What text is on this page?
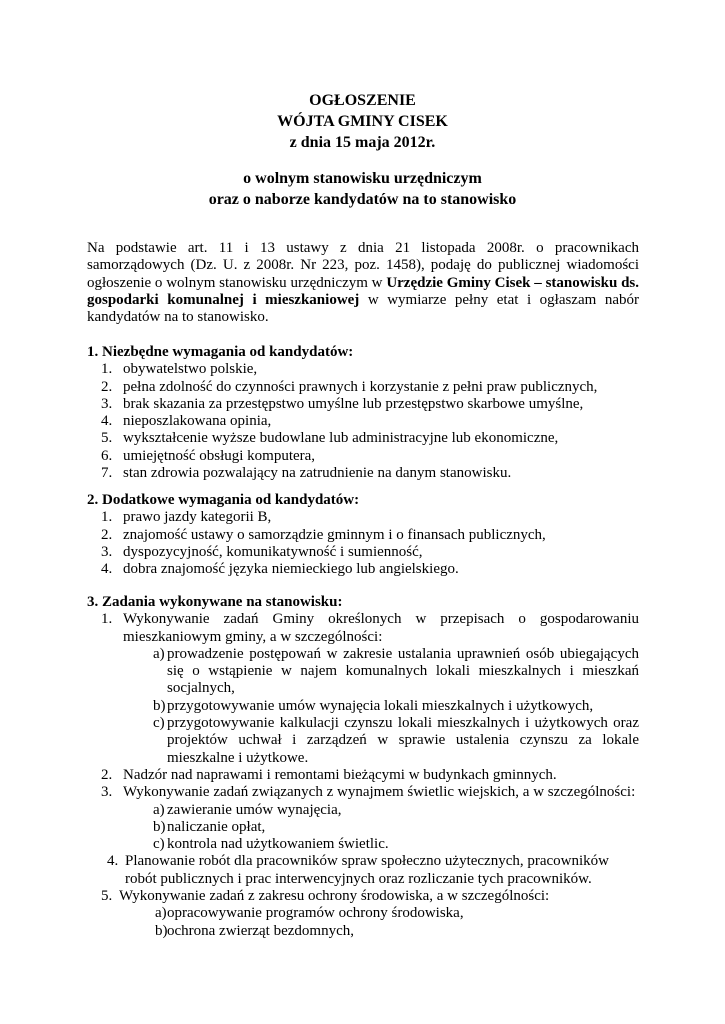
OGŁOSZENIE
WÓJTA GMINY CISEK
z dnia 15 maja 2012r.
o wolnym stanowisku urzędniczym
oraz o naborze kandydatów na to stanowisko
Na podstawie art. 11 i 13 ustawy z dnia 21 listopada 2008r. o pracownikach samorządowych (Dz. U. z 2008r. Nr 223, poz. 1458), podaję do publicznej wiadomości ogłoszenie o wolnym stanowisku urzędniczym w Urzędzie Gminy Cisek – stanowisku ds. gospodarki komunalnej i mieszkaniowej w wymiarze pełny etat i ogłaszam nabór kandydatów na to stanowisko.
1. Niezbędne wymagania od kandydatów:
1. obywatelstwo polskie,
2. pełna zdolność do czynności prawnych i korzystanie z pełni praw publicznych,
3. brak skazania za przestępstwo umyślne lub przestępstwo skarbowe umyślne,
4. nieposzlakowana opinia,
5. wykształcenie wyższe budowlane lub administracyjne lub ekonomiczne,
6. umiejętność obsługi komputera,
7. stan zdrowia pozwalający na zatrudnienie na danym stanowisku.
2. Dodatkowe wymagania od kandydatów:
1. prawo jazdy kategorii B,
2. znajomość ustawy o samorządzie gminnym i o finansach publicznych,
3. dyspozycyjność, komunikatywność i sumienność,
4. dobra znajomość języka niemieckiego lub angielskiego.
3. Zadania wykonywane na stanowisku:
1. Wykonywanie zadań Gminy określonych w przepisach o gospodarowaniu mieszkaniowym gminy, a w szczególności:
a) prowadzenie postępowań w zakresie ustalania uprawnień osób ubiegających się o wstąpienie w najem komunalnych lokali mieszkalnych i mieszkań socjalnych,
b) przygotowywanie umów wynajęcia lokali mieszkalnych i użytkowych,
c) przygotowywanie kalkulacji czynszu lokali mieszkalnych i użytkowych oraz projektów uchwał i zarządzeń w sprawie ustalenia czynszu za lokale mieszkalne i użytkowe.
2. Nadzór nad naprawami i remontami bieżącymi w budynkach gminnych.
3. Wykonywanie zadań związanych z wynajmem świetlic wiejskich, a w szczególności:
a) zawieranie umów wynajęcia,
b) naliczanie opłat,
c) kontrola nad użytkowaniem świetlic.
4. Planowanie robót dla pracowników spraw społeczno użytecznych, pracowników robót publicznych i prac interwencyjnych oraz rozliczanie tych pracowników.
5. Wykonywanie zadań z zakresu ochrony środowiska, a w szczególności:
a) opracowywanie programów ochrony środowiska,
b) ochrona zwierząt bezdomnych,
